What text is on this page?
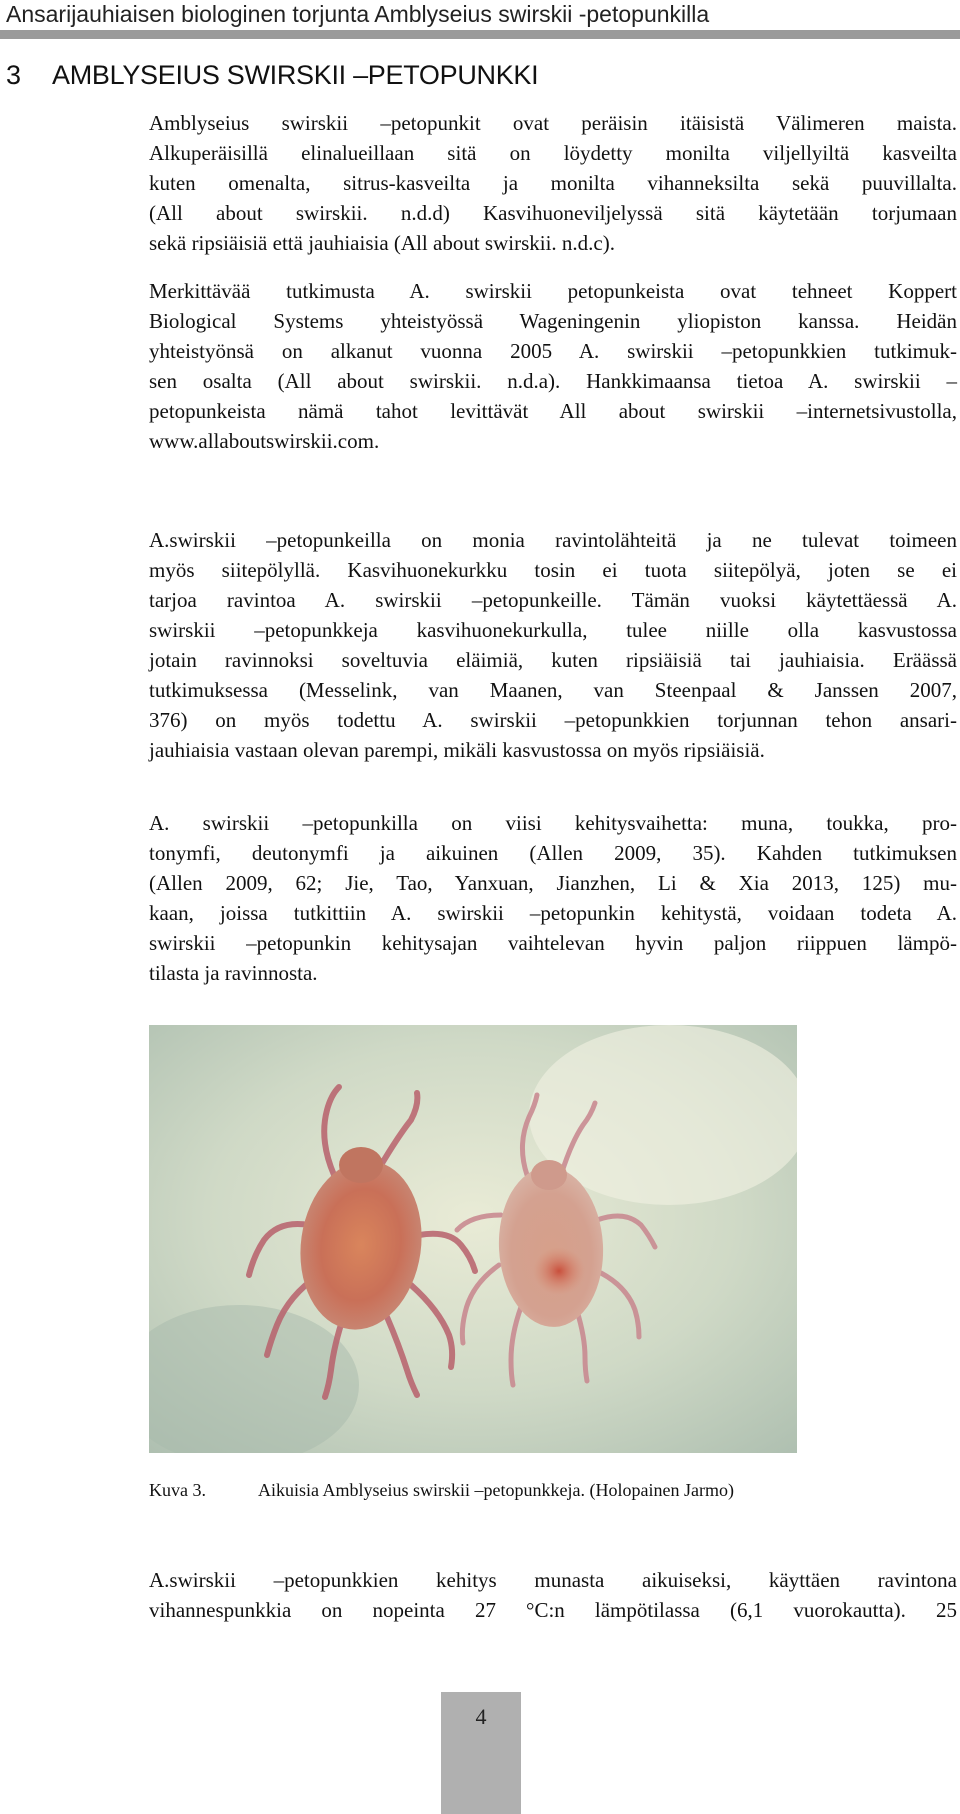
Ansarijauhiaisen biologinen torjunta Amblyseius swirskii -petopunkilla
3 AMBLYSEIUS SWIRSKII –PETOPUNKKI

Amblyseius swirskii –petopunkit ovat peräisin itäisistä Välimeren maista.
Alkuperäisillä elinalueillaan sitä on löydetty monilta viljellyiltä kasveilta
kuten omenalta, sitrus-kasveilta ja monilta vihanneksilta sekä puuvillalta.
(All about swirskii. n.d.d) Kasvihuoneviljelyssä sitä käytetään torjumaan
sekä ripsiäisiä että jauhiaisia (All about swirskii. n.d.c).

Merkittävää tutkimusta A. swirskii petopunkeista ovat tehneet Koppert
Biological Systems yhteistyössä Wageningenin yliopiston kanssa. Heidän
yhteistyönsä on alkanut vuonna 2005 A. swirskii –petopunkkien tutkimuk-
sen osalta (All about swirskii. n.d.a). Hankkimaansa tietoa A. swirskii –
petopunkeista nämä tahot levittävät All about swirskii –internetsivustolla,
www.allaboutswirskii.com.

A.swirskii –petopunkeilla on monia ravintolähteitä ja ne tulevat toimeen
myös siitepölyllä. Kasvihuonekurkku tosin ei tuota siitepölyä, joten se ei
tarjoa ravintoa A. swirskii –petopunkeille. Tämän vuoksi käytettäessä A.
swirskii –petopunkkeja kasvihuonekurkulla, tulee niille olla kasvustossa
jotain ravinnoksi soveltuvia eläimiä, kuten ripsiäisiä tai jauhiaisia. Eräässä
tutkimuksessa (Messelink, van Maanen, van Steenpaal & Janssen 2007,
376) on myös todettu A. swirskii –petopunkkien torjunnan tehon ansari-
jauhiaisia vastaan olevan parempi, mikäli kasvustossa on myös ripsiäisiä.

A. swirskii –petopunkilla on viisi kehitysvaihetta: muna, toukka, pro-
tonymfi, deutonymfi ja aikuinen (Allen 2009, 35). Kahden tutkimuksen
(Allen 2009, 62; Jie, Tao, Yanxuan, Jianzhen, Li & Xia 2013, 125) mu-
kaan, joissa tutkittiin A. swirskii –petopunkin kehitystä, voidaan todeta A.
swirskii –petopunkin kehitysajan vaihtelevan hyvin paljon riippuen lämpö-
tilasta ja ravinnosta.

Kuva 3.	Aikuisia Amblyseius swirskii –petopunkkeja. (Holopainen Jarmo)

A.swirskii –petopunkkien kehitys munasta aikuiseksi, käyttäen ravintona
vihannespunkkia on nopeinta 27 °C:n lämpötilassa (6,1 vuorokautta). 25

4
